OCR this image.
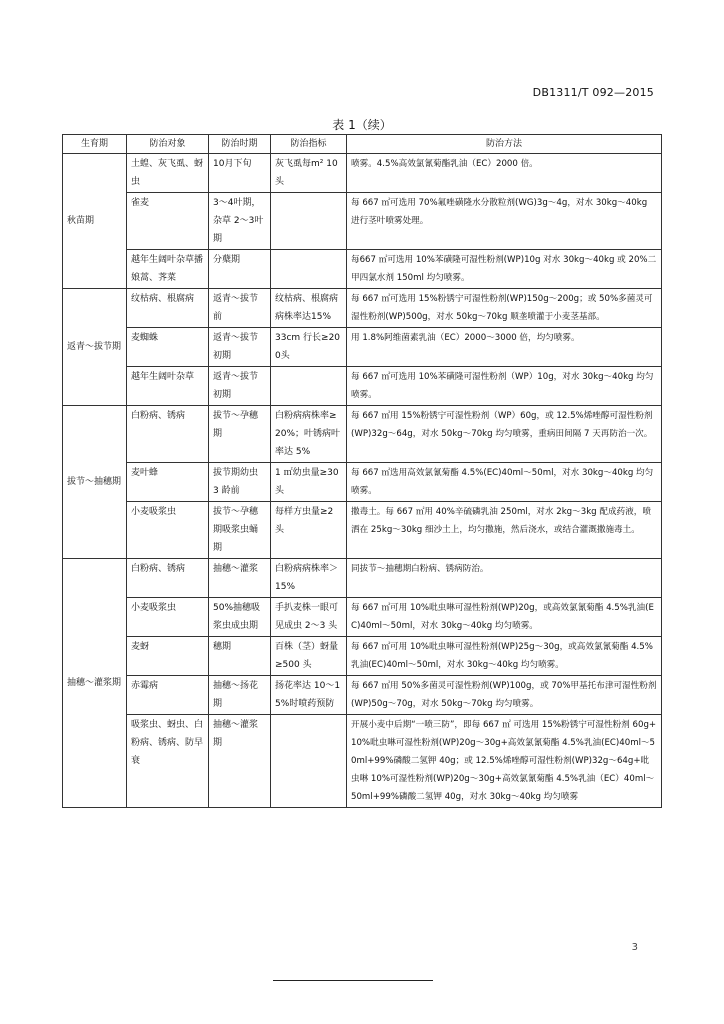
DB1311/T 092—2015
表 1（续）
生育期	防治对象	防治时期	防治指标	防治方法
秋苗期	土蝗、灰飞虱、蚜虫	10月下旬	灰飞虱每m² 10头	喷雾。4.5%高效氯氰菊酯乳油（EC）2000 倍。
	雀麦	3～4叶期，杂草 2～3叶期		每 667 ㎡可选用 70%氟唑磺隆水分散粒剂(WG)3g～4g，对水 30kg～40kg 进行茎叶喷雾处理。
	越年生阔叶杂草播娘蒿、荠菜	分蘖期		每667 ㎡可选用 10%苯磺隆可湿性粉剂(WP)10g 对水 30kg～40kg 或 20%二甲四氯水剂 150ml 均匀喷雾。
返青～拔节期	纹枯病、根腐病	返青～拔节前	纹枯病、根腐病病株率达15%	每 667 ㎡可选用 15%粉锈宁可湿性粉剂(WP)150g～200g；或 50%多菌灵可湿性粉剂(WP)500g，对水 50kg～70kg 顺垄喷灌于小麦茎基部。
	麦蜘蛛	返青～拔节初期	33cm 行长≥200头	用 1.8%阿维菌素乳油（EC）2000～3000 倍，均匀喷雾。
	越年生阔叶杂草	返青～拔节初期		每 667 ㎡可选用 10%苯磺隆可湿性粉剂（WP）10g，对水 30kg～40kg 均匀喷雾。
拔节～抽穗期	白粉病、锈病	拔节～孕穗期	白粉病病株率≥20%；叶锈病叶率达 5%	每 667 ㎡用 15%粉锈宁可湿性粉剂（WP）60g，或 12.5%烯唑醇可湿性粉剂(WP)32g～64g，对水 50kg～70kg 均匀喷雾，重病田间隔 7 天再防治一次。
	麦叶蜂	拔节期幼虫 3 龄前	1 ㎡幼虫量≥30 头	每 667 ㎡选用高效氯氰菊酯 4.5%(EC)40ml～50ml，对水 30kg～40kg 均匀喷雾。
	小麦吸浆虫	拔节～孕穗期吸浆虫蛹期	每样方虫量≥2 头	撒毒土。每 667 ㎡用 40%辛硫磷乳油 250ml，对水 2kg～3kg 配成药液，喷洒在 25kg～30kg 细沙土上，均匀撒施，然后浇水，或结合灌溉撒施毒土。
抽穗～灌浆期	白粉病、锈病	抽穗～灌浆	白粉病病株率＞15%	同拔节～抽穗期白粉病、锈病防治。
	小麦吸浆虫	50%抽穗吸浆虫成虫期	手扒麦株一眼可见成虫 2～3 头	每 667 ㎡可用 10%吡虫啉可湿性粉剂(WP)20g，或高效氯氰菊酯 4.5%乳油(EC)40ml～50ml，对水 30kg～40kg 均匀喷雾。
	麦蚜	穗期	百株（茎）蚜量≥500 头	每 667 ㎡可用 10%吡虫啉可湿性粉剂(WP)25g～30g，或高效氯氰菊酯 4.5%乳油(EC)40ml～50ml，对水 30kg～40kg 均匀喷雾。
	赤霉病	抽穗～扬花期	扬花率达 10～15%时喷药预防	每 667 ㎡用 50%多菌灵可湿性粉剂(WP)100g，或 70%甲基托布津可湿性粉剂(WP)50g～70g，对水 50kg～70kg 均匀喷雾。
	吸浆虫、蚜虫、白粉病、锈病、防早衰	抽穗～灌浆期		开展小麦中后期“一喷三防”，即每 667 ㎡ 可选用 15%粉锈宁可湿性粉剂 60g+10%吡虫啉可湿性粉剂(WP)20g～30g+高效氯氰菊酯 4.5%乳油(EC)40ml～50ml+99%磷酸二氢钾 40g；或 12.5%烯唑醇可湿性粉剂(WP)32g～64g+吡虫啉 10%可湿性粉剂(WP)20g～30g+高效氯氰菊酯 4.5%乳油（EC）40ml～50ml+99%磷酸二氢钾 40g，对水 30kg～40kg 均匀喷雾
3
